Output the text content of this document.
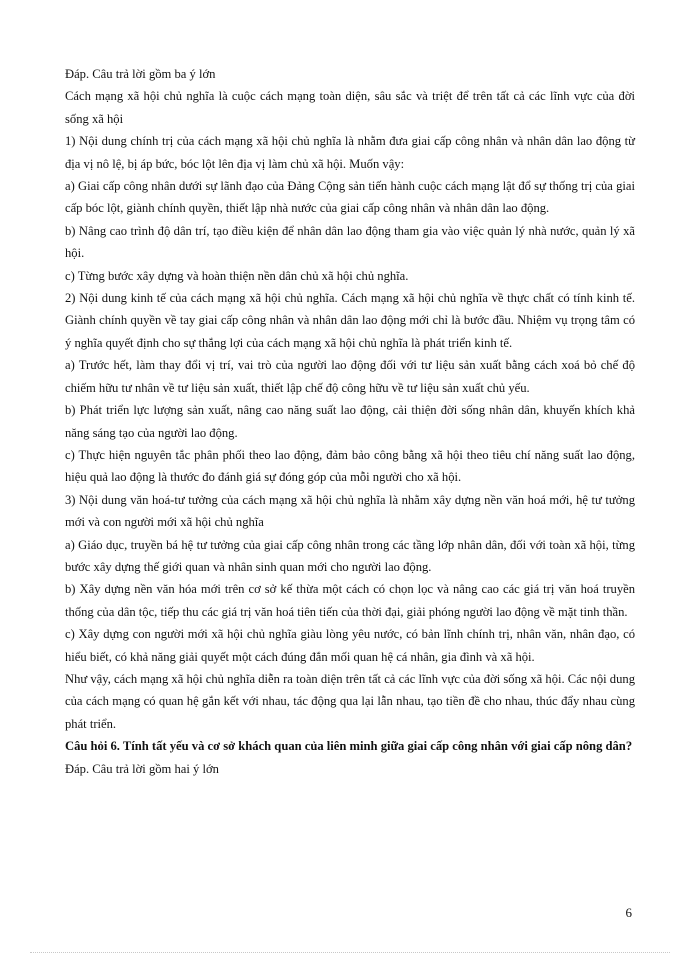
Đáp. Câu trả lời gồm ba ý lớn

Cách mạng xã hội chủ nghĩa là cuộc cách mạng toàn diện, sâu sắc và triệt để trên tất cả các lĩnh vực của đời sống xã hội

1) Nội dung chính trị của cách mạng xã hội chủ nghĩa là nhằm đưa giai cấp công nhân và nhân dân lao động từ địa vị nô lệ, bị áp bức, bóc lột lên địa vị làm chủ xã hội. Muốn vậy:

a) Giai cấp công nhân dưới sự lãnh đạo của Đảng Cộng sản tiến hành cuộc cách mạng lật đổ sự thống trị của giai cấp bóc lột, giành chính quyền, thiết lập nhà nước của giai cấp công nhân và nhân dân lao động.

b) Nâng cao trình độ dân trí, tạo điều kiện để nhân dân lao động tham gia vào việc quản lý nhà nước, quản lý xã hội.

c) Từng bước xây dựng và hoàn thiện nền dân chủ xã hội chủ nghĩa.

2) Nội dung kinh tế của cách mạng xã hội chủ nghĩa. Cách mạng xã hội chủ nghĩa về thực chất có tính kinh tế. Giành chính quyền về tay giai cấp công nhân và nhân dân lao động mới chỉ là bước đầu. Nhiệm vụ trọng tâm có ý nghĩa quyết định cho sự thắng lợi của cách mạng xã hội chủ nghĩa là phát triển kinh tế.

a) Trước hết, làm thay đổi vị trí, vai trò của người lao động đối với tư liệu sản xuất bằng cách xoá bỏ chế độ chiếm hữu tư nhân về tư liệu sản xuất, thiết lập chế độ công hữu về tư liệu sản xuất chủ yếu.

b) Phát triển lực lượng sản xuất, nâng cao năng suất lao động, cải thiện đời sống nhân dân, khuyến khích khả năng sáng tạo của người lao động.

c) Thực hiện nguyên tắc phân phối theo lao động, đảm bảo công bằng xã hội theo tiêu chí năng suất lao động, hiệu quả lao động là thước đo đánh giá sự đóng góp của mỗi người cho xã hội.

3) Nội dung văn hoá-tư tưởng của cách mạng xã hội chủ nghĩa là nhằm xây dựng nền văn hoá mới, hệ tư tưởng mới và con người mới xã hội chủ nghĩa

a) Giáo dục, truyền bá hệ tư tưởng của giai cấp công nhân trong các tầng lớp nhân dân, đối với toàn xã hội, từng bước xây dựng thế giới quan và nhân sinh quan mới cho người lao động.

b) Xây dựng nền văn hóa mới trên cơ sở kế thừa một cách có chọn lọc và nâng cao các giá trị văn hoá truyền thống của dân tộc, tiếp thu các giá trị văn hoá tiên tiến của thời đại, giải phóng người lao động về mặt tinh thần.

c) Xây dựng con người mới xã hội chủ nghĩa giàu lòng yêu nước, có bản lĩnh chính trị, nhân văn, nhân đạo, có hiểu biết, có khả năng giải quyết một cách đúng đắn mối quan hệ cá nhân, gia đình và xã hội.

Như vậy, cách mạng xã hội chủ nghĩa diễn ra toàn diện trên tất cả các lĩnh vực của đời sống xã hội. Các nội dung của cách mạng có quan hệ gắn kết với nhau, tác động qua lại lẫn nhau, tạo tiền đề cho nhau, thúc đẩy nhau cùng phát triển.

Câu hỏi 6. Tính tất yếu và cơ sở khách quan của liên minh giữa giai cấp công nhân với giai cấp nông dân?

Đáp. Câu trả lời gồm hai ý lớn

6
